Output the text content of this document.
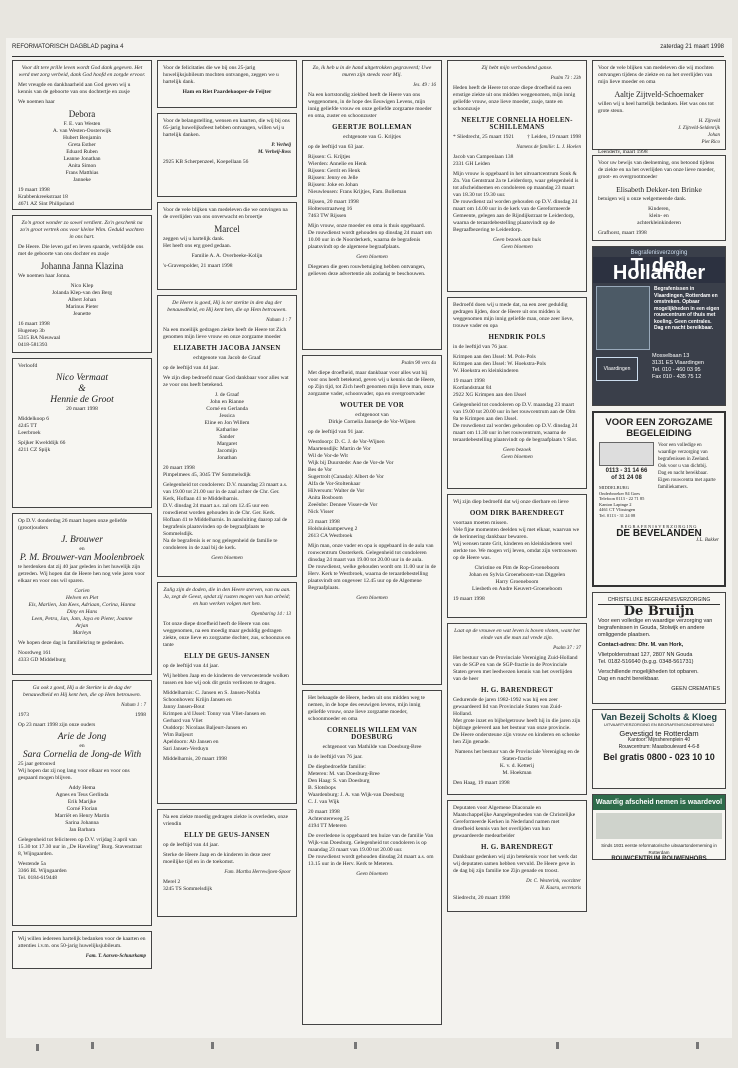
REFORMATORISCH DAGBLAD pagina 4	zaterdag 21 maart 1998

Voor dit tere prille leven wordt God dank gegeven. Het werd met zorg verbeid, dank God hoofd en zorgde ervoor.

Met vreugde en dankbaarheid aan God geven wij u kennis van de geboorte van ons dochtertje en zusje

We noemen haar

Debora

F. E. van Westen
A. van Westen-Oosterwijk
Hubert Benjamin
Greta Esther
Eduard Ruben
Leanne Jonathan
Anita Simon
Frans Matthias
Janneke

19 maart 1998
Krabbenkreekstraat 18
4671 AZ Sint Philipsland

Zo'n groot wonder zo sowel verdient. Zo'n geschenk na zo'n groot vertrek ons voor kleine Wim. Geduld wachten in ons hart.

De Heere. Die leven gaf en leven spaarde, verblijdde ons met de geboorte van ons dochter en zusje

Johanna Janna Klazina

We noemen haar Jonna.

Nico Klep
Jolanda Klep-van den Berg
Albert Johan
Marinus Pieter
Jeanette

16 maart 1998
Hugenep 3b
5315 BA Nieuwaal
0418-581393

Verloofd

Nico Vermaat
&
Hennie de Groot

20 maart 1998

Middelkoop 6
4245 TT
Leerbroek

Spijker Kwelddijk 66
4211 CZ Spijk

Op D.V. donderdag 26 maart hopen onze geliefde (groot)ouders

J. Brouwer
en
P. M. Brouwer-van Moolenbroek

te herdenken dat zij 40 jaar geleden in het huwelijk zijn getreden. Wij hopen dat de Heere hen nog vele jaren voor elkaar en voor ons wil sparen.

Carien
Helven en Piet
Els, Marlien, Jan Kees, Adriaan, Corina, Hanna
Diny en Hans
Leen, Petra, Jan, Jam, Jaya en Pieter, Joanne
Arjan
Marleyn

We hopen deze dag in familiekring te gedenken.

Noordweg 161
4333 GD Middelburg

Ga ook z goed, Hij u de Sterkte is de dag der benauwdheid en Hij kent hen, die op Hem betrouwen.

Nahum 1 : 7

1973	1998

Op 23 maart 1998 zijn onze ouders

Arie de Jong
en
Sara Cornelia de Jong-de With

25 jaar getrouwd
Wij hopen dat zij nog lang voor elkaar en voor ons gespaard mogen blijven.

Addy Hema
Agnes en Teus Gerlinda
Erik Marijke
Corné Florian
Marriët en Henry Martin
Sarina Johanna
Jan Barbara

Gelegenheid tot feliciteren op D.V. vrijdag 3 april van 15.30 tot 17.30 uur in ,,De Haveling" Burg. Stavenstraat 8, Wijngaarden.

Westende 5a
3366 BL Wijngaarden
Tel. 0184-619448

Wij willen iedereen hartelijk bedanken voor de kaarten en attenties i.v.m. ons 50-jarig huwelijksjubileum.

Fam. T. Aarsen-Schuurkamp

Voor de felicitaties die we bij ons 25-jarig huwelijksjubileum mochten ontvangen, zeggen we u hartelijk dank.

Ham en Riet Paardekooper-de Feijter

Voor de belangstelling, wensen en kaarten, die wij bij ons 65-jarig huwelijksfeest hebben ontvangen, willen wij u hartelijk danken.

P. Verheij
M. Verheij-Ross

2925 KB Scherpenzeel, Koepellaan 56

Voor de vele blijken van medeleven die we ontvingen na de overlijden van ons onverwacht en broertje

Marcel

zeggen wij u hartelijk dank.
Het heeft ons erg goed gedaan.

Familie A. A. Overbeeke-Kolijn

's-Gravenpolder, 21 maart 1998

De Heere is goed, Hij is ter sterkte in den dag der benauwdheid, en Hij kent hen, die op Hem betrouwen.

Nahum 1 : 7

Na een moeilijk gedragen ziekte heeft de Heere tot Zich genomen mijn lieve vrouw en onze zorgzame moeder

ELIZABETH JACOBA JANSEN

echtgenote van Jacob de Graaf

op de leeftijd van 44 jaar.

We zijn diep bedroefd maar God dankbaar voor alles wat ze voor ons heeft betekend.

J. de Graaf
John en Rianne
Corné en Gerlanda
Jessica
Eline en Jon Willem
Katharine
Sander
Margaret
Jacomijn
Jonathan

20 maart 1998
Pimpelmees 45, 3045 TW Sommelsdijk

Gelegenheid tot condoleren: D.V. maandag 23 maart a.s. van 19.00 tot 21.00 uur in de zaal achter de Chr. Ger. Kerk, Hoflaan 41 te Middelharnis.
D.V. dinsdag 24 maart a.s. zal om 12.45 uur een rouwdienst worden gehouden in de Chr. Ger. Kerk. Hoflaan 41 te Middelharnis. In aansluiting daarop zal de begrafenis plaatsvinden op de begraafplaats te Sommelsdijk.
Na de begrafenis is er nog gelegenheid de familie te condoleren in de zaal bij de kerk.

Geen bloemen

Zalig zijn de doden, die in den Heere sterven, van nu aan. Ja, zegt de Geest, opdat zij rusten mogen van hun arbeid; en hun werken volgen met hen.

Openbaring 14 : 13

Tot onze diepe droefheid heeft de Heere van ons weggenomen, na een moedig maar geduldig gedragen ziekte, onze lieve en zorgzame dochter, zus, schoonzus en tante

ELLY DE GEUS-JANSEN

op de leeftijd van 44 jaar.

Wij hebben Jaap en de kinderen de verwoestende wolken tussen en hoe wij ook dit gezin verliezen te dragen.

Middelharnis: C. Jansen en S. Jansen-Nobla
Schoonhoven: Kriijn Jansen en
Janny Jansen-Bout
Krimpen a/d IJssel: Tonny van Vliet-Jansen en
Gerhard van Vliet
Ouddorp: Nicolaas Baljeurt-Jansen en
Wim Baljeurt
Apeldoorn: Ab Jansen en
Sari Jansen-Verduyn

Middelharnis, 20 maart 1998

Na een ziekte moedig gedragen ziekte is overleden, onze vriendin

ELLY DE GEUS-JANSEN

op de leeftijd van 44 jaar.

Sterke de Heere Jaap en de kinderen in deze zeer moeilijke tijd en in de toekomst.

Fam. Martha Herrewijnen-Spoor

Merel 2
3245 TS Sommelsdijk

Zo, ik heb u in de hand uitgetrokken gegraveerd; Uwe muren zijn steeds voor Mij.

Jes. 49 : 16

Na een kortstondig ziekbed heeft de Heere van ons weggenomen, in de hope des Eeuwigen Levens, mijn innig geliefde vrouw en onze geliefde zorgzame moeder en oma, zuster en schoonzuster

GEERTJE BOLLEMAN

echtgenote van G. Krijtjes

op de leeftijd van 63 jaar.

Rijssen: G. Krijtjes
Wierden: Annelie en Henk
Rijssen: Gerrit en Henk
Rijssen: Jenny en Jelle
Rijssen: Joke en Johan
Nieuwleusen: Frans Krijtjes, Fam. Bolleman

Rijssen, 20 maart 1998
Holtersstraatweg 16
7463 TW Rijssen

Mijn vrouw, onze moeder en oma is thuis opgebaard.
De rouwdienst wordt gehouden op dinsdag 24 maart om 10.00 uur in de Noorderkerk, waarna de begrafenis plaatsvindt op de algemene begraafplaats.

Geen bloemen

Diegenen die geen rouwbetuiging hebben ontvangen, gelieven deze advertentie als zodanig te beschouwen.

Psalm 90 vers 4a

Met diepe droefheid, maar dankbaar voor alles wat hij voor ons heeft betekend, geven wij u kennis dat de Heere, op Zijn tijd, tot Zich heeft genomen mijn lieve man, onze zorgzame vader, schoonvader, opa en overgrootvader

WOUTER DE VOR

echtgenoot van
Dirkje Cornelia Jannetje de Vor-Wijnen

op de leeftijd van 91 jaar.

Westdoorp: D. C. J. de Vor-Wijnen
Maartensdijk: Martin de Vor
Wil de Vor-de Wit
Wijk bij Duurstede: Ane de Vor-de Vor
Bes de Vor
Sugertrolt (Canada): Albert de Vor
Alfa de Vor-Stoltenkaar
Hilversum: Walter de Vor
Anita Bosboom
Zeeënbe: Dennee Visser-de Vor
Nick Visser

23 maart 1998
Holshuiskamperweg 2
2613 CA Westbroek

Mijn man, onze vader en opa is opgebaard in de aula van rouwcentrum Oosterkerk. Gelegenheid tot condoleren dinsdag 24 maart van 19.00 tot 20.00 uur in de aula.
De rouwdienst, welke gehouden wordt om 11.00 uur in de Herv. Kerk te Westbroek, waarna de teraardebestelling plaatsvindt om ongeveer 12.45 uur op de Algemene Begraafplaats.

Geen bloemen

Het behaagde de Heere, heden uit ons midden weg te nemen, in de hope des eeuwigen levens, mijn innig geliefde vrouw, onze lieve zorgzame moeder, schoonmoeder en oma

CORNELIS WILLEM VAN DOESBURG

echtgenoot van Mathilde van Doesburg-Bree

in de leeftijd van 76 jaar.

De diepbedroefde familie:
Meteren: M. van Doesburg-Bree
Den Haag: S. van Doesburg
B. Slotsbops
Waardenburg: J. A. van Wijk-van Doesburg
C. J. van Wijk

20 maart 1998
Achterstereweg 25
4194 TT Meteren

De overledene is opgebaard ten huize van de familie Van Wijk-van Doesburg. Gelegenheid tot condoleren is op maandag 23 maart van 19.00 tot 20.00 uur.
De rouwdienst wordt gehouden dinsdag 24 maart a.s. om 13.15 uur in de Herv. Kerk te Meteren.

Geen bloemen

Zij hebt mijn verbondend ganse.

Psalm 73 : 23b

Heden heeft de Heere tot onze diepe droefheid na een ernstige ziekte uit ons midden weggenomen, mijn innig geliefde vrouw, onze lieve moeder, zusje, tante en schoonzusje

NEELTJE CORNELIA HOELEN-SCHILLEMANS

* Sliedrecht, 25 maart 1921 † Leiden, 19 maart 1998

Namens de familie: L. J. Hoelen

Jacob van Campenlaan 138
2331 GH Leiden

Mijn vrouw is opgebaard in het uitvaartcentrum Sonk & Zn. Van Gentstraat 2a te Leiderdorp, waar gelegenheid is tot afscheidnemen en condoleren op maandag 23 maart van 18.30 tot 19.30 uur.
De rouwdienst zal worden gehouden op D.V. dinsdag 24 maart om 14.00 uur in de kerk van de Gereformeerde Gemeente, gelegen aan de Rijndijkstraat te Leiderdorp, waarna de teraardebestelling plaatsvindt op de Begraafbezering te Leiderdorp.

Geen bezoek aan huis
Geen bloemen

Bedroefd doen wij u mede dat, na een zeer geduldig gedragen lijden, door de Heere uit ons midden is weggenomen mijn innig geliefde man, onze zeer lieve, trouwe vader en opa

HENDRIK POLS

in de leeftijd van 76 jaar.

Krimpen aan den IJssel: M. Pols-Pols
Krimpen aan den IJssel: W. Hoekstra-Pols
W. Hoekstra en kleinkinderen

19 maart 1998
Kortlandstraat 84
2922 XG Krimpen aan den IJssel

Gelegenheid tot condoleren op D.V. maandag 23 maart van 19.00 tot 20.00 uur in het rouwcentrum aan de Olm 8a te Krimpen aan den IJssel.
De rouwdienst zal worden gehouden op D.V. dinsdag 24 maart om 11.30 uur in het rouwcentrum, waarna de teraardebestelling plaatsvindt op de begraafplaats 't Slot.

Geen bezoek
Geen bloemen

Wij zijn diep bedroefd dat wij onze dierbare en lieve

OOM DIRK BARENDREGT

voortaan moeten missen.
Vele fijne momenten deelden wij met elkaar, waarvan we de herinnering dankbaar bewaren.
Wij wensen tante Grit, kinderen en kleinkinderen veel sterkte toe. We mogen vrij leven, omdat zijn vertrouwen op de Heere was.

Christine en Pim de Rop-Groeneboom
Johan en Sylvia Groeneboom-van Diggelen
Harry Groeneboom
Liesbeth en Andre Keuvert-Groeneboom

19 maart 1998

Laat op de vrouwe en wat leven is boven vloten, want het einde van die man zal vrede zijn.

Psalm 37 : 37

Het bestuur van de Provinciale Vereniging Zuid-Holland van de SGP en van de SGP-fractie in de Provinciale Staten geven met leedwezen kennis van het overlijden van de heer

H. G. BARENDREGT

Gedurende de jaren 1982-1992 was hij een zeer gewaardeerd lid van Provinciale Staten van Zuid-Holland.
Met grote inzet en bijbelgetrouw heeft hij in die jaren zijn bijdrage geleverd aan het bestuur van onze provincie.
De Heere ondersteune zijn vrouw en kinderen en schenke hen Zijn genade.

Namens het bestuur van de Provinciale Vereniging en de Staten-fractie
K. v. d. Ketterij
M. Hoekman

Den Haag, 19 maart 1998

Deputaten voor Algemene Diaconale en Maatschappelijke Aangelegenheden van de Christelijke Gereformeerde Kerken in Nederland namen met droefheid kennis van het overlijden van hun gewaardeerde medearbeider

H. G. BARENDREGT

Dankbaar gedenken wij zijn betekenis voor het werk dat wij deputaten samen hebben vervuld. De Heere geve in de dag bij zijn familie toe Zijn genade en troost.

Dr. C. Westerink, voorzitter
H. Kaaru, secretaris

Sliedrecht, 20 maart 1998

Voor de vele blijken van medeleven die wij mochten ontvangen tijdens de ziekte en na het overlijden van mijn lieve moeder en oma

Aaltje Zijtveld-Schoemaker

willen wij u heel hartelijk bedanken. Het was ons tot grote steun.

H. Zijtveld
J. Zijtveld-Seldenrijk
Johan
Piet Rico

Leendertv, maart 1998

Voor uw bewijs van deelneming, ons betoond tijdens de ziekte en na het overlijden van onze lieve moeder, groot- en overgrootmoeder

Elisabeth Dekker-ten Brinke

betuigen wij u onze welgemeende dank.

Kinderen,
klein- en
achterkleinkinderen

Grafhorst, maart 1998

Begrafenisverzorging
T. den Hollander

Begrafenissen in Vlaardingen, Rotterdam en omstreken. Opbaar mogelijkheden in een eigen rouwcentrum of thuis met koeling. Geen centrales. Dag en nacht bereikbaar.

Vlaardingen

Mosselbaan 13
3131 ES Vlaardingen
Tel. 010 - 460 03 95
Fax 010 - 435 75 12

VOOR EEN ZORGZAME BEGELEIDING

0113 - 31 14 66
of 31 24 08

MIDDELBURG
Onderbroeker 84 Goes
Telefoon 0113 - 22 71 85
Kanton Lapinge 2
4461 CT Vlissingen
Tel. 0113 - 31 24 08

Voor een volledige en waardige verzorging van begrafenissen in Zeeland.
Ook voor u van dichtbij.
Dag en nacht bereikbaar.
Eigen rouwcentra met aparte familiekamers.

BEGRAFENISVERZORGING
DE BEVELANDEN
J.L. Bakker
CHRISTELIJKE BEGRAFENISVERZORGING
De Bruijn

Voor een volledige en waardige verzorging van begrafenissen in Gouda, Stolwijk en andere omliggende plaatsen.

Contact-adres: Dhr. M. van Hork,

Vlietpoldenstraat 127, 2807 NN Gouda
Tel. 0182-516640 (b.g.g. 0348-561731)

Verschillende mogelijkheden tot opbaren.
Dag en nacht bereikbaar.

GEEN CREMATIES

Van Bezeij Scholts & Kloeg
UITVAARTVERZORGING EN BEGRAFENISONDERNEMING
Gevestigd te Rotterdam

Kantoor: Mijnsherenplein 40
Rouwcentrum: Maasboulevard 4-6-8

Bel gratis 0800 - 023 10 10
Waardig afscheid nemen is waardevol

Sinds 1931 eerste reformatorische uitvaartonderneming in Rotterdam

ROUWCENTRUM ROUWENHORS
